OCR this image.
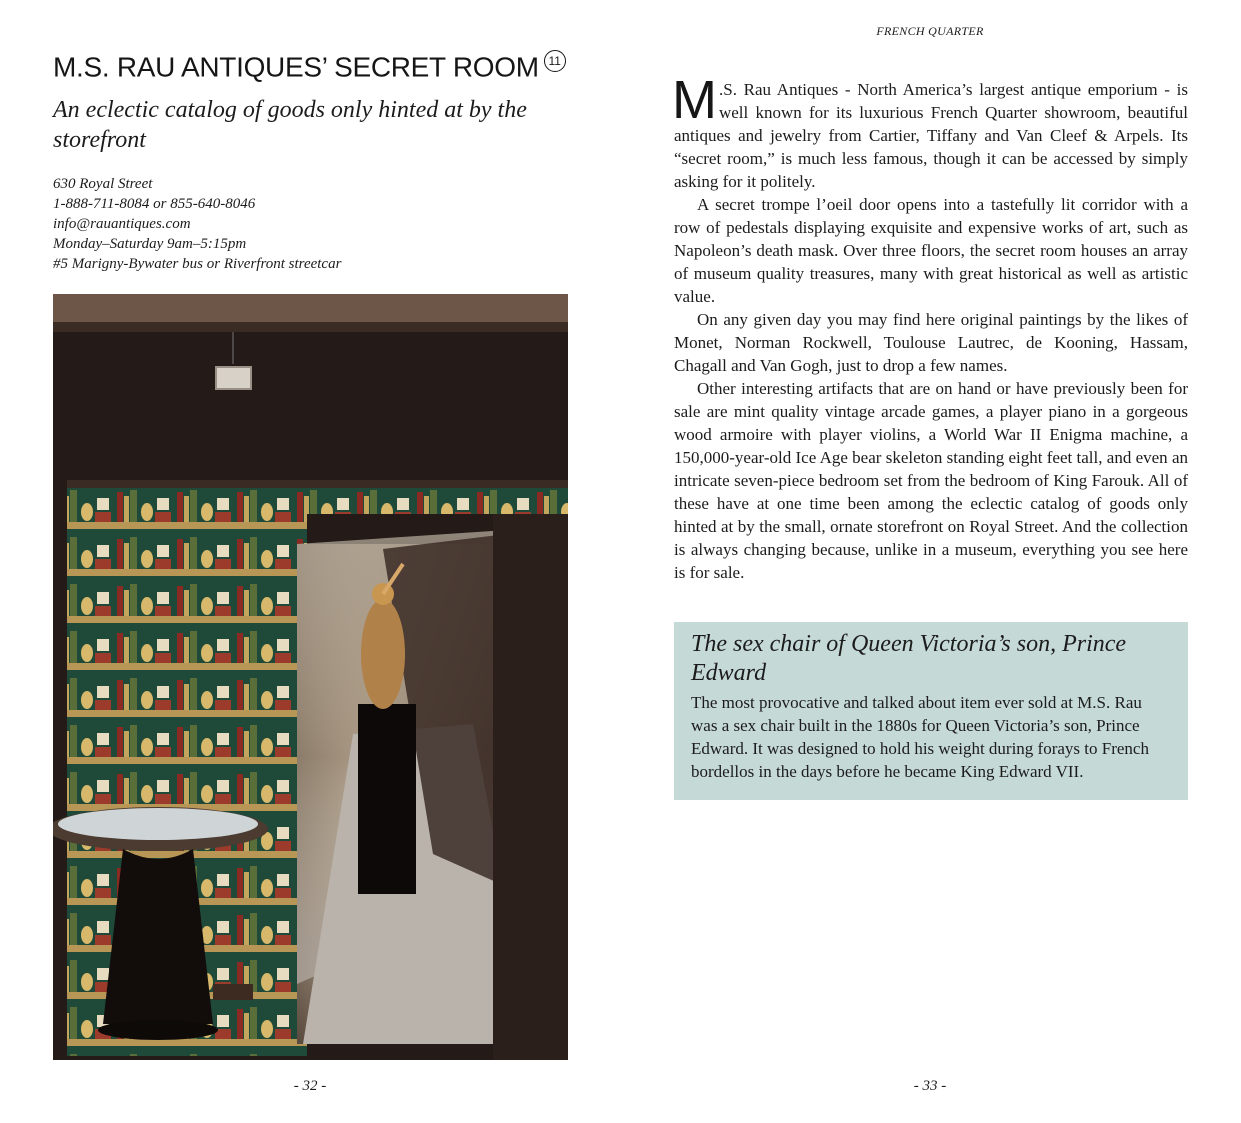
M.S. RAU ANTIQUES’ SECRET ROOM 11
An eclectic catalog of goods only hinted at by the storefront
630 Royal Street
1-888-711-8084 or 855-640-8046
info@rauantiques.com
Monday–Saturday 9am–5:15pm
#5 Marigny-Bywater bus or Riverfront streetcar
- 32 -
FRENCH QUARTER

M .S. Rau Antiques - North America’s largest antique emporium - is well known for its luxurious French Quarter showroom, beautiful antiques and jewelry from Cartier, Tiffany and Van Cleef & Arpels. Its “secret room,” is much less famous, though it can be accessed by simply asking for it politely.

A secret trompe l’oeil door opens into a tastefully lit corridor with a row of pedestals displaying exquisite and expensive works of art, such as Napoleon’s death mask. Over three floors, the secret room houses an array of museum quality treasures, many with great historical as well as artistic value.

On any given day you may find here original paintings by the likes of Monet, Norman Rockwell, Toulouse Lautrec, de Kooning, Hassam, Chagall and Van Gogh, just to drop a few names.

Other interesting artifacts that are on hand or have previously been for sale are mint quality vintage arcade games, a player piano in a gorgeous wood armoire with player violins, a World War II Enigma machine, a 150,000-year-old Ice Age bear skeleton standing eight feet tall, and even an intricate seven-piece bedroom set from the bedroom of King Farouk. All of these have at one time been among the eclectic catalog of goods only hinted at by the small, ornate storefront on Royal Street. And the collection is always changing because, unlike in a museum, everything you see here is for sale.

The sex chair of Queen Victoria’s son, Prince Edward
The most provocative and talked about item ever sold at M.S. Rau was a sex chair built in the 1880s for Queen Victoria’s son, Prince Edward. It was designed to hold his weight during forays to French bordellos in the days before he became King Edward VII.
- 33 -
